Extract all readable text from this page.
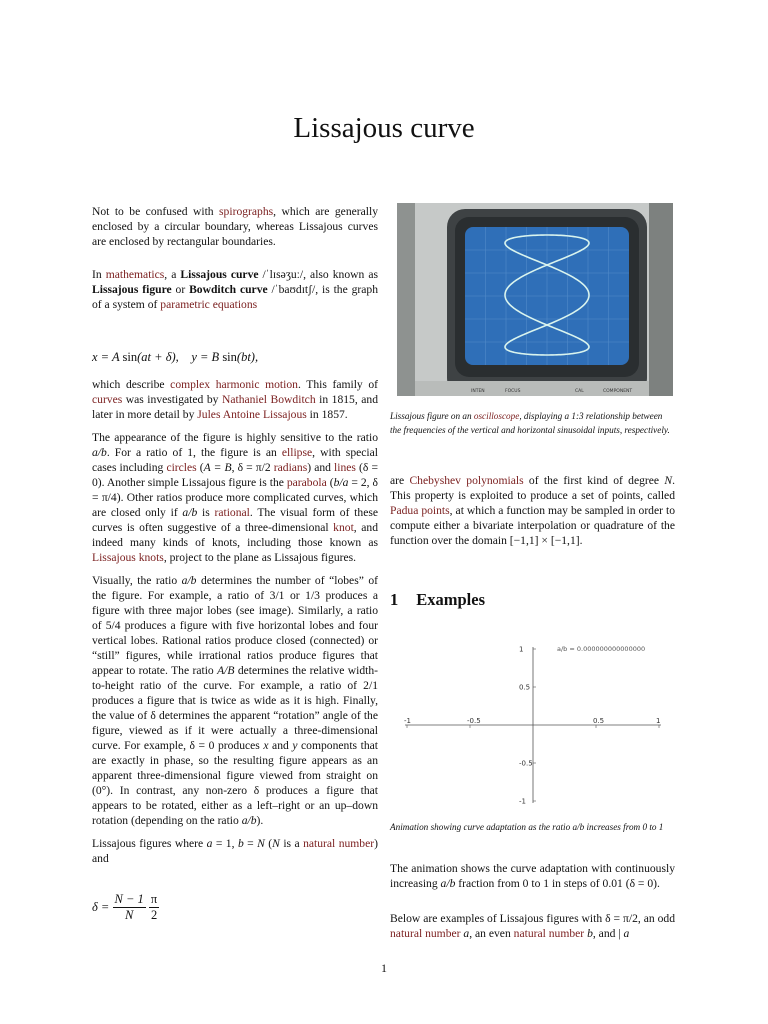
Lissajous curve

Not to be confused with spirographs, which are generally enclosed by a circular boundary, whereas Lissajous curves are enclosed by rectangular boundaries.

In mathematics, a Lissajous curve /ˈlɪsəʒuː/, also known as Lissajous figure or Bowditch curve /ˈbaʊdɪtʃ/, is the graph of a system of parametric equations

x = A sin(at + δ), y = B sin(bt),

which describe complex harmonic motion. This family of curves was investigated by Nathaniel Bowditch in 1815, and later in more detail by Jules Antoine Lissajous in 1857.

The appearance of the figure is highly sensitive to the ratio a/b. For a ratio of 1, the figure is an ellipse, with special cases including circles (A = B, δ = π/2 radians) and lines (δ = 0). Another simple Lissajous figure is the parabola (b/a = 2, δ = π/4). Other ratios produce more complicated curves, which are closed only if a/b is rational. The visual form of these curves is often suggestive of a three-dimensional knot, and indeed many kinds of knots, including those known as Lissajous knots, project to the plane as Lissajous figures.

Visually, the ratio a/b determines the number of “lobes” of the figure. For example, a ratio of 3/1 or 1/3 produces a figure with three major lobes (see image). Similarly, a ratio of 5/4 produces a figure with five horizontal lobes and four vertical lobes. Rational ratios produce closed (connected) or “still” figures, while irrational ratios produce figures that appear to rotate. The ratio A/B determines the relative width-to-height ratio of the curve. For example, a ratio of 2/1 produces a figure that is twice as wide as it is high. Finally, the value of δ determines the apparent “rotation” angle of the figure, viewed as if it were actually a three-dimensional curve. For example, δ = 0 produces x and y components that are exactly in phase, so the resulting figure appears as an apparent three-dimensional figure viewed from straight on (0°). In contrast, any non-zero δ produces a figure that appears to be rotated, either as a left–right or an up–down rotation (depending on the ratio a/b).

Lissajous figures where a = 1, b = N (N is a natural number) and

$\delta = \frac{N - 1}{N}$
$\frac{\pi}{2}$
INTEN	FOCUS	CAL	COMPONENT
Lissajous figure on an oscilloscope, displaying a 1:3 relationship between the frequencies of the vertical and horizontal sinusoidal inputs, respectively.
are Chebyshev polynomials of the first kind of degree N. This property is exploited to produce a set of points, called Padua points, at which a function may be sampled in order to compute either a bivariate interpolation or quadrature of the function over the domain [−1,1] × [−1,1].
1 Examples
-1	-0.5	0.5	1
1
0.5
-0.5
-1
a/b = 0.000000000000000
Animation showing curve adaptation as the ratio a/b increases from 0 to 1
The animation shows the curve adaptation with continuously increasing a/b fraction from 0 to 1 in steps of 0.01 (δ = 0).
Below are examples of Lissajous figures with δ = π/2, an odd natural number a, an even natural number b, and | a
1
